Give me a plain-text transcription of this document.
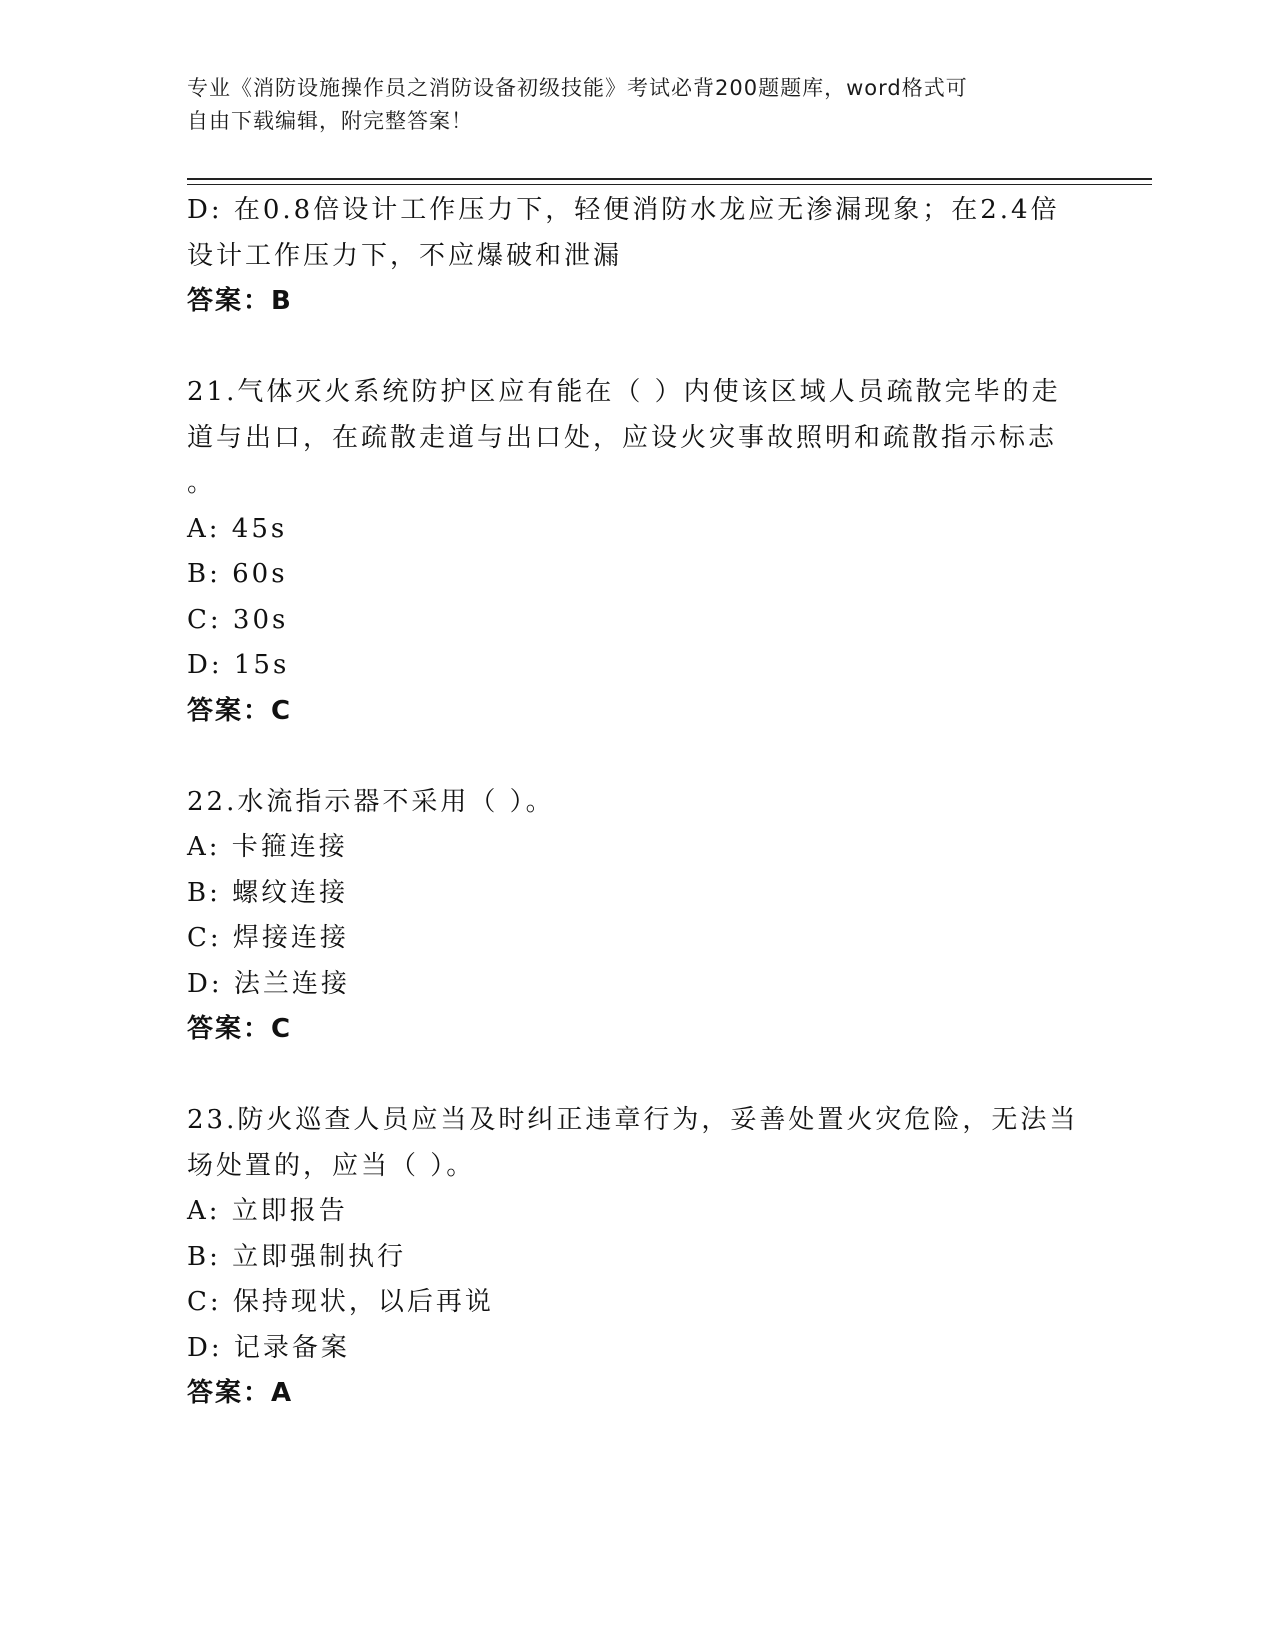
专业《消防设施操作员之消防设备初级技能》考试必背200题题库，word格式可
自由下载编辑，附完整答案！
D: 在0.8倍设计工作压力下，轻便消防水龙应无渗漏现象；在2.4倍
设计工作压力下，不应爆破和泄漏
答案：B
21.气体灭火系统防护区应有能在（ ）内使该区域人员疏散完毕的走
道与出口，在疏散走道与出口处，应设火灾事故照明和疏散指示标志
。
A: 45s
B: 60s
C: 30s
D: 15s
答案：C
22.水流指示器不采用（ ）。
A: 卡箍连接
B: 螺纹连接
C: 焊接连接
D: 法兰连接
答案：C
23.防火巡查人员应当及时纠正违章行为，妥善处置火灾危险，无法当
场处置的，应当（ ）。
A: 立即报告
B: 立即强制执行
C: 保持现状，以后再说
D: 记录备案
答案：A
